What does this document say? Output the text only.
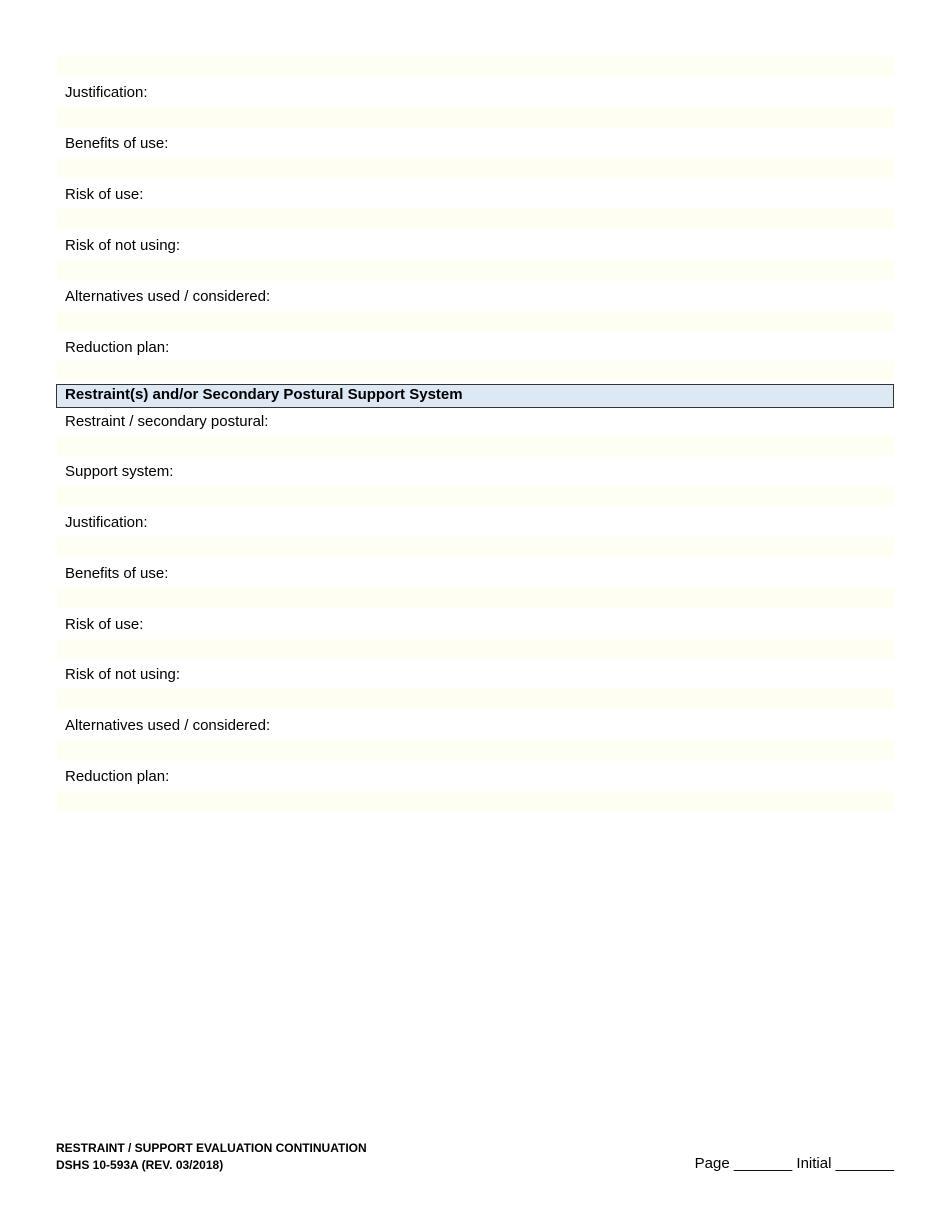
Justification:
Benefits of use:
Risk of use:
Risk of not using:
Alternatives used / considered:
Reduction plan:
Restraint(s) and/or Secondary Postural Support System
Restraint / secondary postural:
Support system:
Justification:
Benefits of use:
Risk of use:
Risk of not using:
Alternatives used / considered:
Reduction plan:
RESTRAINT / SUPPORT EVALUATION CONTINUATION
DSHS 10-593A (REV. 03/2018)	Page _______ Initial _______
